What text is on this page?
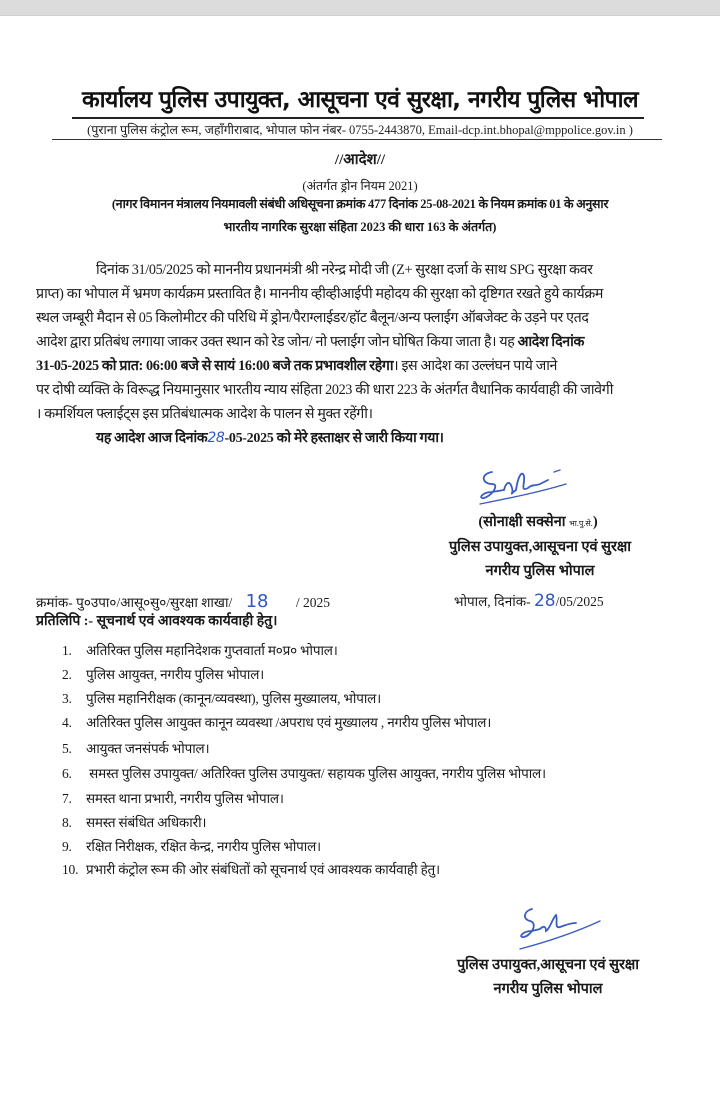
कार्यालय पुलिस उपायुक्त, आसूचना एवं सुरक्षा, नगरीय पुलिस भोपाल
(पुराना पुलिस कंट्रोल रूम, जहाँगीराबाद, भोपाल फोन नंबर- 0755-2443870, Email-dcp.int.bhopal@mppolice.gov.in )
//आदेश//
(अंतर्गत ड्रोन नियम 2021)
(नागर विमानन मंत्रालय नियमावली संबंधी अधिसूचना क्रमांक 477 दिनांक 25-08-2021 के नियम क्रमांक 01 के अनुसार
भारतीय नागरिक सुरक्षा संहिता 2023 की धारा 163 के अंतर्गत)
दिनांक 31/05/2025 को माननीय प्रधानमंत्री श्री नरेन्द्र मोदी जी (Z+ सुरक्षा दर्जा के साथ SPG सुरक्षा कवर
प्राप्त) का भोपाल में भ्रमण कार्यक्रम प्रस्तावित है। माननीय व्हीव्हीआईपी महोदय की सुरक्षा को दृष्टिगत रखते हुये कार्यक्रम
स्थल जम्बूरी मैदान से 05 किलोमीटर की परिधि में ड्रोन/पैराग्लाईडर/हॉट बैलून/अन्य फ्लाईग ऑबजेक्ट के उड़ने पर एतद
आदेश द्वारा प्रतिबंध लगाया जाकर उक्त स्थान को रेड जोन/ नो फ्लाईग जोन घोषित किया जाता है। यह आदेश दिनांक
31-05-2025 को प्रात: 06:00 बजे से सायं 16:00 बजे तक प्रभावशील रहेगा। इस आदेश का उल्लंघन पाये जाने
पर दोषी व्यक्ति के विरूद्ध नियमानुसार भारतीय न्याय संहिता 2023 की धारा 223 के अंतर्गत वैधानिक कार्यवाही की जावेगी
। कमर्शियल फ्लाईट्स इस प्रतिबंधात्मक आदेश के पालन से मुक्त रहेंगी।
यह आदेश आज दिनांक28-05-2025 को मेरे हस्ताक्षर से जारी किया गया।
(सोनाक्षी सक्सेना भा.पु.से.)
पुलिस उपायुक्त,आसूचना एवं सुरक्षा
नगरीय पुलिस भोपाल
क्रमांक- पु०उपा०/आसू०सु०/सुरक्षा शाखा/ 18 / 2025	भोपाल, दिनांक- 28/05/2025
प्रतिलिपि :- सूचनार्थ एवं आवश्यक कार्यवाही हेतु।
1. अतिरिक्त पुलिस महानिदेशक गुप्तवार्ता म०प्र० भोपाल।
2. पुलिस आयुक्त, नगरीय पुलिस भोपाल।
3. पुलिस महानिरीक्षक (कानून/व्यवस्था), पुलिस मुख्यालय, भोपाल।
4. अतिरिक्त पुलिस आयुक्त कानून व्यवस्था /अपराध एवं मुख्यालय , नगरीय पुलिस भोपाल।
5. आयुक्त जनसंपर्क भोपाल।
6. समस्त पुलिस उपायुक्त/ अतिरिक्त पुलिस उपायुक्त/ सहायक पुलिस आयुक्त, नगरीय पुलिस भोपाल।
7. समस्त थाना प्रभारी, नगरीय पुलिस भोपाल।
8. समस्त संबंधित अधिकारी।
9. रक्षित निरीक्षक, रक्षित केन्द्र, नगरीय पुलिस भोपाल।
10. प्रभारी कंट्रोल रूम की ओर संबंधितों को सूचनार्थ एवं आवश्यक कार्यवाही हेतु।
पुलिस उपायुक्त,आसूचना एवं सुरक्षा
नगरीय पुलिस भोपाल
